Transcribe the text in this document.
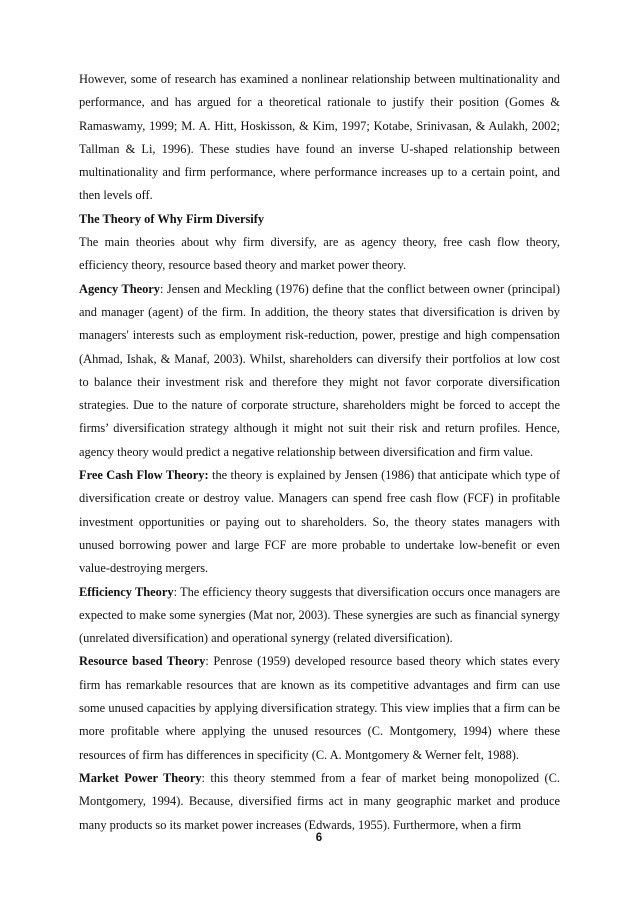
However, some of research has examined a nonlinear relationship between multinationality and performance, and has argued for a theoretical rationale to justify their position (Gomes & Ramaswamy, 1999; M. A. Hitt, Hoskisson, & Kim, 1997; Kotabe, Srinivasan, & Aulakh, 2002; Tallman & Li, 1996). These studies have found an inverse U-shaped relationship between multinationality and firm performance, where performance increases up to a certain point, and then levels off.

The Theory of Why Firm Diversify

The main theories about why firm diversify, are as agency theory, free cash flow theory, efficiency theory, resource based theory and market power theory.

Agency Theory: Jensen and Meckling (1976) define that the conflict between owner (principal) and manager (agent) of the firm. In addition, the theory states that diversification is driven by managers' interests such as employment risk-reduction, power, prestige and high compensation (Ahmad, Ishak, & Manaf, 2003). Whilst, shareholders can diversify their portfolios at low cost to balance their investment risk and therefore they might not favor corporate diversification strategies. Due to the nature of corporate structure, shareholders might be forced to accept the firms’ diversification strategy although it might not suit their risk and return profiles. Hence, agency theory would predict a negative relationship between diversification and firm value.

Free Cash Flow Theory: the theory is explained by Jensen (1986) that anticipate which type of diversification create or destroy value. Managers can spend free cash flow (FCF) in profitable investment opportunities or paying out to shareholders. So, the theory states managers with unused borrowing power and large FCF are more probable to undertake low-benefit or even value-destroying mergers.

Efficiency Theory: The efficiency theory suggests that diversification occurs once managers are expected to make some synergies (Mat nor, 2003). These synergies are such as financial synergy (unrelated diversification) and operational synergy (related diversification).

Resource based Theory: Penrose (1959) developed resource based theory which states every firm has remarkable resources that are known as its competitive advantages and firm can use some unused capacities by applying diversification strategy. This view implies that a firm can be more profitable where applying the unused resources (C. Montgomery, 1994) where these resources of firm has differences in specificity (C. A. Montgomery & Werner felt, 1988).

Market Power Theory: this theory stemmed from a fear of market being monopolized (C. Montgomery, 1994). Because, diversified firms act in many geographic market and produce many products so its market power increases (Edwards, 1955). Furthermore, when a firm

6
